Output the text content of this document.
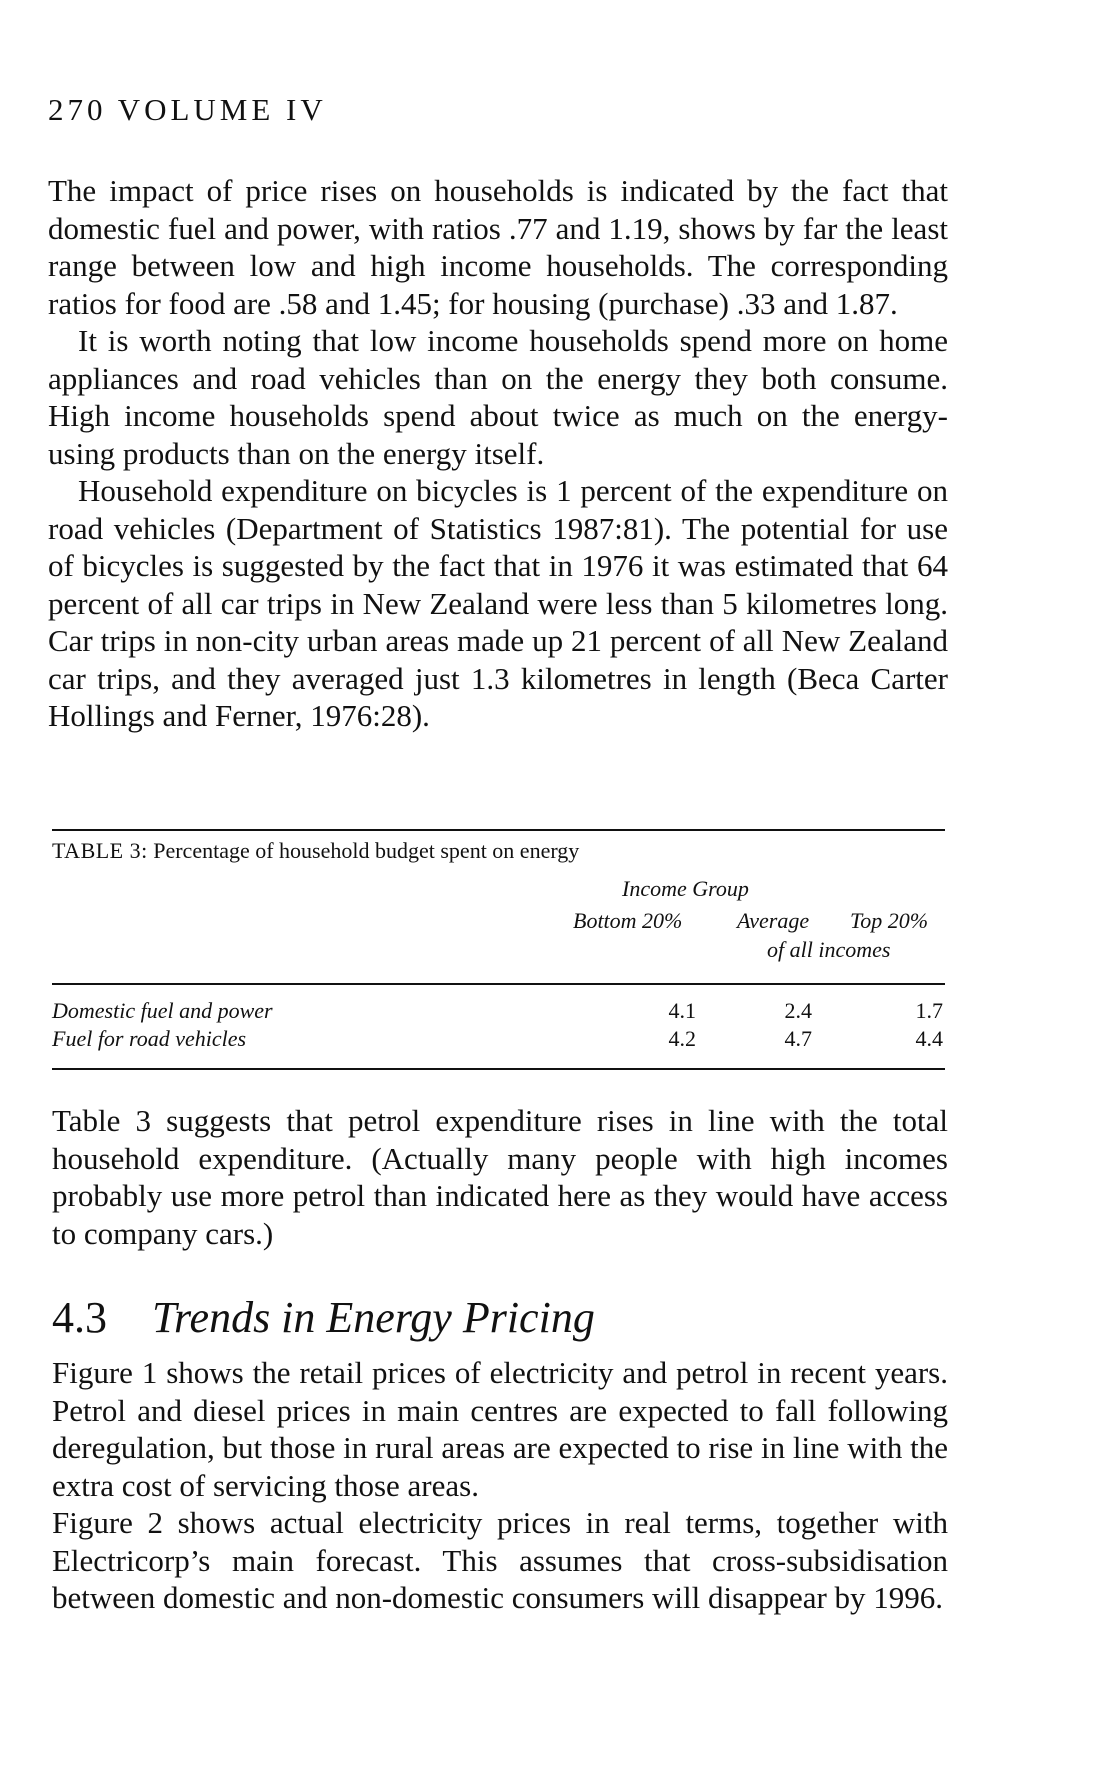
270 VOLUME IV

The impact of price rises on households is indicated by the fact that domestic fuel and power, with ratios .77 and 1.19, shows by far the least range between low and high income households. The corresponding ratios for food are .58 and 1.45; for housing (purchase) .33 and 1.87.

It is worth noting that low income households spend more on home appliances and road vehicles than on the energy they both consume. High income households spend about twice as much on the energy-using products than on the energy itself.

Household expenditure on bicycles is 1 percent of the expenditure on road vehicles (Department of Statistics 1987:81). The potential for use of bicycles is suggested by the fact that in 1976 it was estimated that 64 percent of all car trips in New Zealand were less than 5 kilometres long. Car trips in non-city urban areas made up 21 percent of all New Zealand car trips, and they averaged just 1.3 kilometres in length (Beca Carter Hollings and Ferner, 1976:28).

TABLE 3: Percentage of household budget spent on energy
Income Group
Bottom 20% Average Top 20%
of all incomes
Domestic fuel and power	4.1	2.4	1.7
Fuel for road vehicles	4.2	4.7	4.4

Table 3 suggests that petrol expenditure rises in line with the total household expenditure. (Actually many people with high incomes probably use more petrol than indicated here as they would have access to company cars.)

4.3 Trends in Energy Pricing

Figure 1 shows the retail prices of electricity and petrol in recent years. Petrol and diesel prices in main centres are expected to fall following deregulation, but those in rural areas are expected to rise in line with the extra cost of servicing those areas.

Figure 2 shows actual electricity prices in real terms, together with Electricorp’s main forecast. This assumes that cross-subsidisation between domestic and non-domestic consumers will disappear by 1996.
